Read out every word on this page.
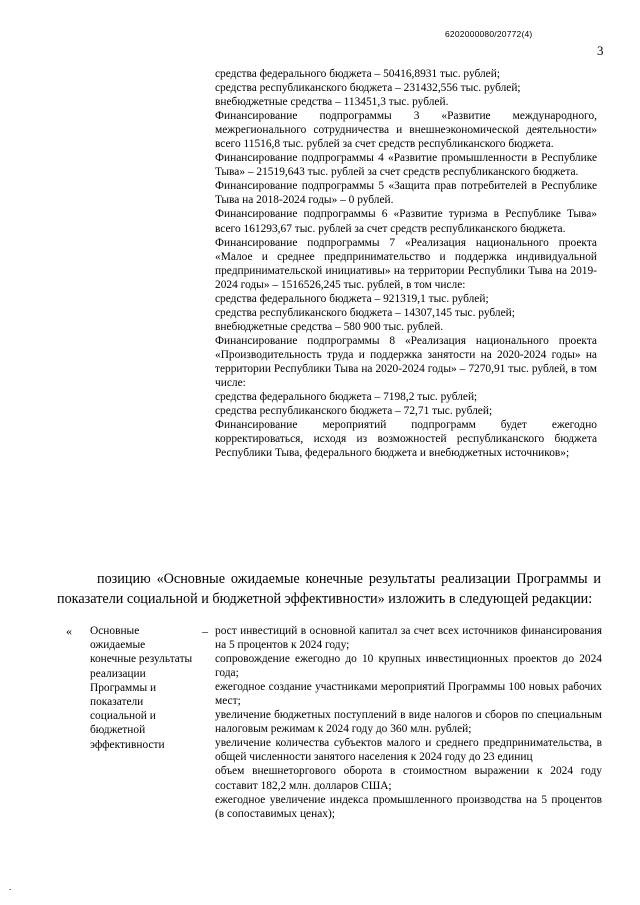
6202000080/20772(4)
3

средства федерального бюджета – 50416,8931 тыс. рублей;

средства республиканского бюджета – 231432,556 тыс. рублей;

внебюджетные средства – 113451,3 тыс. рублей.

Финансирование подпрограммы 3 «Развитие международного, межрегионального сотрудничества и внешнеэкономической деятельности» всего 11516,8 тыс. рублей за счет средств республиканского бюджета.

Финансирование подпрограммы 4 «Развитие промышленности в Республике Тыва» – 21519,643 тыс. рублей за счет средств республиканского бюджета.

Финансирование подпрограммы 5 «Защита прав потребителей в Республике Тыва на 2018-2024 годы» – 0 рублей.

Финансирование подпрограммы 6 «Развитие туризма в Республике Тыва» всего 161293,67 тыс. рублей за счет средств республиканского бюджета.

Финансирование подпрограммы 7 «Реализация национального проекта «Малое и среднее предпринимательство и поддержка индивидуальной предпринимательской инициативы» на территории Республики Тыва на 2019-2024 годы» – 1516526,245 тыс. рублей, в том числе:

средства федерального бюджета – 921319,1 тыс. рублей;

средства республиканского бюджета – 14307,145 тыс. рублей;

внебюджетные средства – 580 900 тыс. рублей.

Финансирование подпрограммы 8 «Реализация национального проекта «Производительность труда и поддержка занятости на 2020-2024 годы» на территории Республики Тыва на 2020-2024 годы» – 7270,91 тыс. рублей, в том числе:

средства федерального бюджета – 7198,2 тыс. рублей;

средства республиканского бюджета – 72,71 тыс. рублей;

Финансирование мероприятий подпрограмм будет ежегодно корректироваться, исходя из возможностей республиканского бюджета Республики Тыва, федерального бюджета и внебюджетных источников»;

позицию «Основные ожидаемые конечные результаты реализации Программы и показатели социальной и бюджетной эффективности» изложить в следующей редакции:

« Основные ожидаемые конечные результаты реализации Программы и показатели социальной и бюджетной эффективности
– рост инвестиций в основной капитал за счет всех источников финансирования на 5 процентов к 2024 году;

сопровождение ежегодно до 10 крупных инвестиционных проектов до 2024 года;

ежегодное создание участниками мероприятий Программы 100 новых рабочих мест;

увеличение бюджетных поступлений в виде налогов и сборов по специальным налоговым режимам к 2024 году до 360 млн. рублей;

увеличение количества субъектов малого и среднего предпринимательства, в общей численности занятого населения к 2024 году до 23 единиц

объем внешнеторгового оборота в стоимостном выражении к 2024 году составит 182,2 млн. долларов США;

ежегодное увеличение индекса промышленного производства на 5 процентов (в сопоставимых ценах);

.
